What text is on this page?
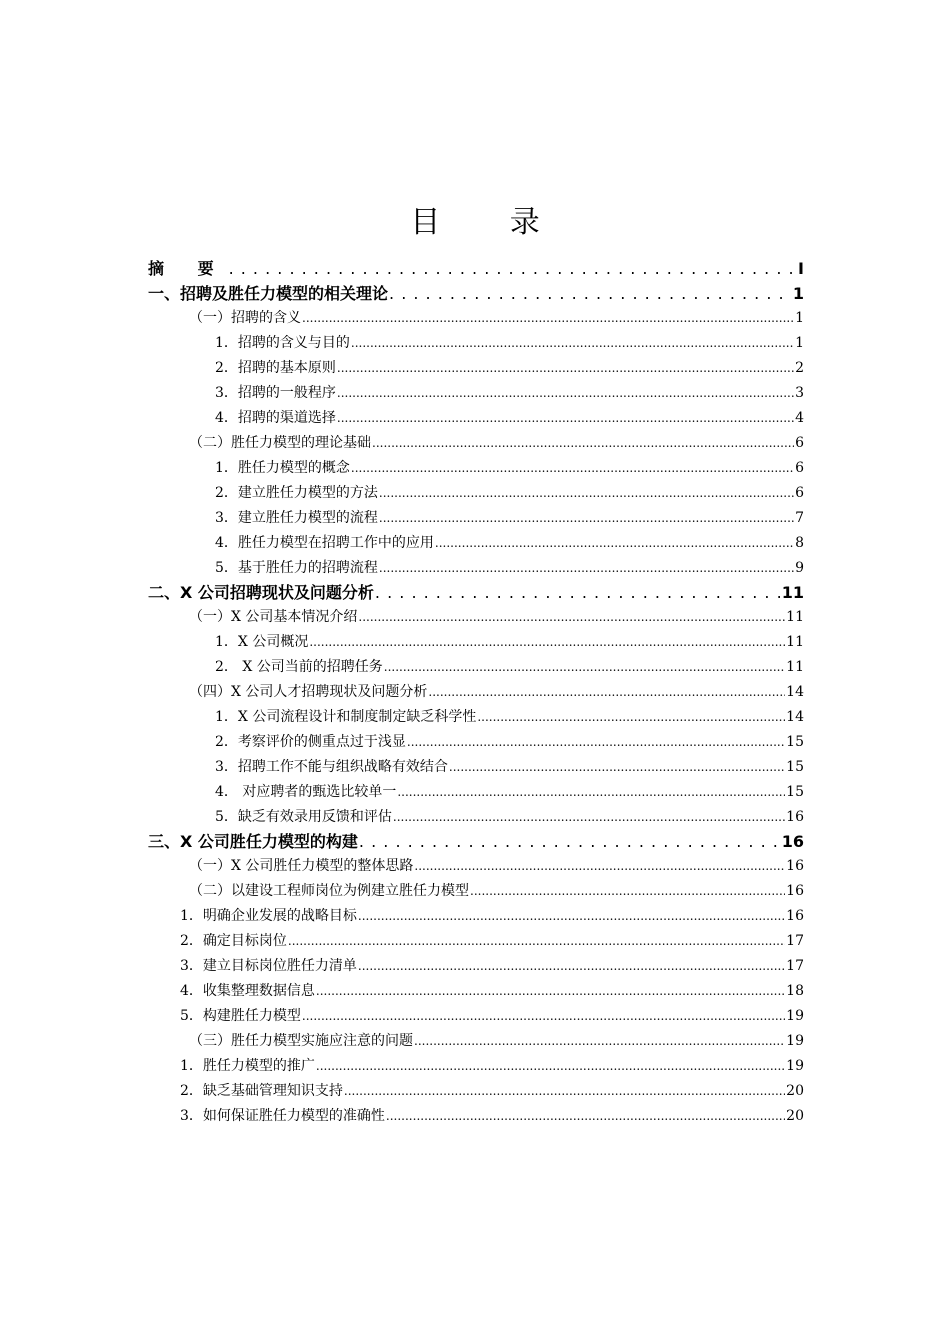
目 录
摘 要 . . .	I
一、招聘及胜任力模型的相关理论 . . .	1
（一）招聘的含义 .....	1
1．招聘的含义与目的 .....	1
2．招聘的基本原则 .....	2
3．招聘的一般程序 .....	3
4．招聘的渠道选择 .....	4
（二）胜任力模型的理论基础 .....	6
1．胜任力模型的概念 .....	6
2．建立胜任力模型的方法 .....	6
3．建立胜任力模型的流程 .....	7
4．胜任力模型在招聘工作中的应用 .....	8
5．基于胜任力的招聘流程 .....	9
二、X 公司招聘现状及问题分析 . . .	11
（一）X 公司基本情况介绍 .....	11
1．X 公司概况 .....	11
2． X 公司当前的招聘任务 .....	11
（四）X 公司人才招聘现状及问题分析 .....	14
1．X 公司流程设计和制度制定缺乏科学性 .....	14
2．考察评价的侧重点过于浅显 .....	15
3．招聘工作不能与组织战略有效结合 .....	15
4． 对应聘者的甄选比较单一 .....	15
5．缺乏有效录用反馈和评估 .....	16
三、X 公司胜任力模型的构建 . . .	16
（一）X 公司胜任力模型的整体思路 .....	16
（二）以建设工程师岗位为例建立胜任力模型 .....	16
1．明确企业发展的战略目标 .....	16
2．确定目标岗位 .....	17
3．建立目标岗位胜任力清单 .....	17
4．收集整理数据信息 .....	18
5．构建胜任力模型 .....	19
（三）胜任力模型实施应注意的问题 .....	19
1．胜任力模型的推广 .....	19
2．缺乏基础管理知识支持 .....	20
3．如何保证胜任力模型的准确性 .....	20
